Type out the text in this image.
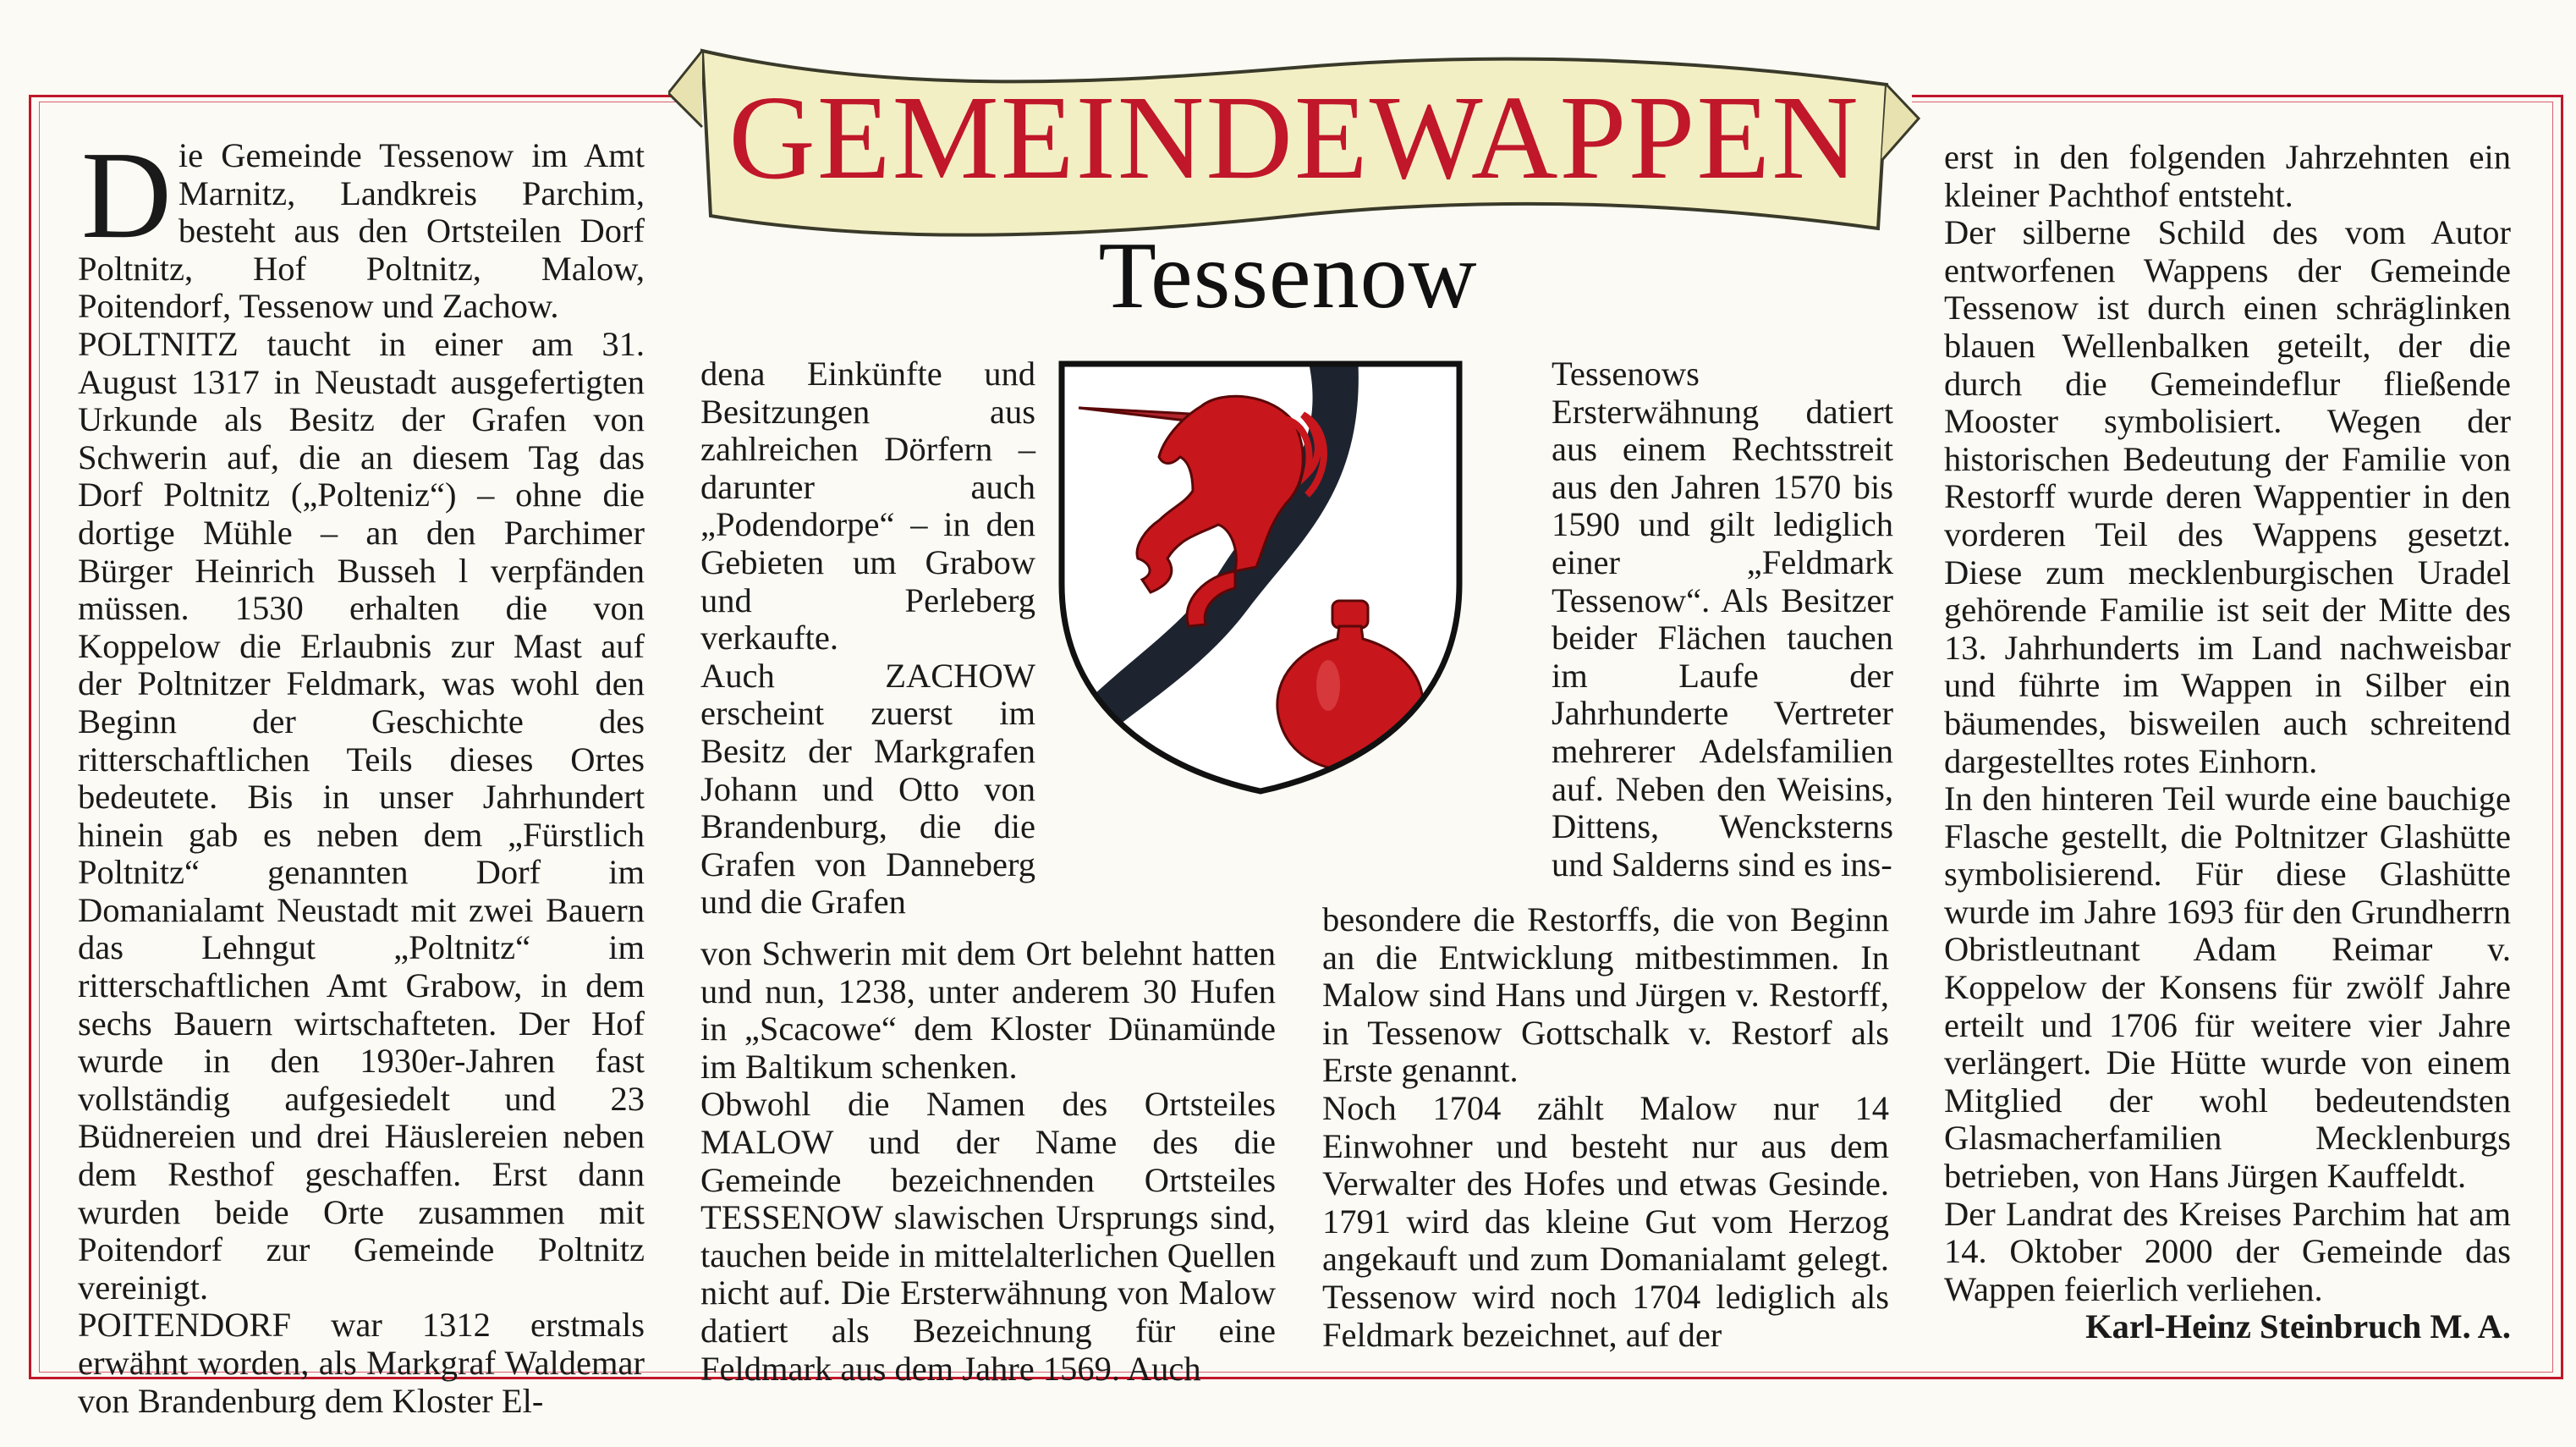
GEMEINDEWAPPEN
Tessenow

Die Gemeinde Tessenow im Amt Marnitz, Landkreis Parchim, besteht aus den Ortsteilen Dorf Poltnitz, Hof Poltnitz, Malow, Poitendorf, Tessenow und Zachow.

POLTNITZ taucht in einer am 31. August 1317 in Neustadt ausgefertigten Urkunde als Besitz der Grafen von Schwerin auf, die an diesem Tag das Dorf Poltnitz („Polteniz“) – ohne die dortige Mühle – an den Parchimer Bürger Heinrich Busseh l verpfänden müssen. 1530 erhalten die von Koppelow die Erlaubnis zur Mast auf der Poltnitzer Feldmark, was wohl den Beginn der Geschichte des ritterschaftlichen Teils dieses Ortes bedeutete. Bis in unser Jahrhundert hinein gab es neben dem „Fürstlich Poltnitz“ genannten Dorf im Domanialamt Neustadt mit zwei Bauern das Lehngut „Poltnitz“ im ritterschaftlichen Amt Grabow, in dem sechs Bauern wirtschafteten. Der Hof wurde in den 1930er-Jahren fast vollständig aufgesiedelt und 23 Büdnereien und drei Häuslereien neben dem Resthof geschaffen. Erst dann wurden beide Orte zusammen mit Poitendorf zur Gemeinde Poltnitz vereinigt.

POITENDORF war 1312 erstmals erwähnt worden, als Markgraf Waldemar von Brandenburg dem Kloster El-

dena Einkünfte und Besitzungen aus zahlreichen Dörfern – darunter auch „Podendorpe“ – in den Gebieten um Grabow und Perleberg verkaufte.

Auch ZACHOW erscheint zuerst im Besitz der Markgrafen Johann und Otto von Brandenburg, die die Grafen von Danneberg und die Grafen

Tessenows Ersterwähnung datiert aus einem Rechtsstreit aus den Jahren 1570 bis 1590 und gilt lediglich einer „Feldmark Tessenow“. Als Besitzer beider Flächen tauchen im Laufe der Jahrhunderte Vertreter mehrerer Adelsfamilien auf. Neben den Weisins, Dittens, Wencksterns und Salderns sind es ins-

von Schwerin mit dem Ort belehnt hatten und nun, 1238, unter anderem 30 Hufen in „Scacowe“ dem Kloster Dünamünde im Baltikum schenken.

Obwohl die Namen des Ortsteiles MALOW und der Name des die Gemeinde bezeichnenden Ortsteiles TESSENOW slawischen Ursprungs sind, tauchen beide in mittelalterlichen Quellen nicht auf. Die Ersterwähnung von Malow datiert als Bezeichnung für eine Feldmark aus dem Jahre 1569. Auch

besondere die Restorffs, die von Beginn an die Entwicklung mitbestimmen. In Malow sind Hans und Jürgen v. Restorff, in Tessenow Gottschalk v. Restorf als Erste genannt.

Noch 1704 zählt Malow nur 14 Einwohner und besteht nur aus dem Verwalter des Hofes und etwas Gesinde. 1791 wird das kleine Gut vom Herzog angekauft und zum Domanialamt gelegt. Tessenow wird noch 1704 lediglich als Feldmark bezeichnet, auf der

erst in den folgenden Jahrzehnten ein kleiner Pachthof entsteht.

Der silberne Schild des vom Autor entworfenen Wappens der Gemeinde Tessenow ist durch einen schräglinken blauen Wellenbalken geteilt, der die durch die Gemeindeflur fließende Mooster symbolisiert. Wegen der historischen Bedeutung der Familie von Restorff wurde deren Wappentier in den vorderen Teil des Wappens gesetzt. Diese zum mecklenburgischen Uradel gehörende Familie ist seit der Mitte des 13. Jahrhunderts im Land nachweisbar und führte im Wappen in Silber ein bäumendes, bisweilen auch schreitend dargestelltes rotes Einhorn.

In den hinteren Teil wurde eine bauchige Flasche gestellt, die Poltnitzer Glashütte symbolisierend. Für diese Glashütte wurde im Jahre 1693 für den Grundherrn Obristleutnant Adam Reimar v. Koppelow der Konsens für zwölf Jahre erteilt und 1706 für weitere vier Jahre verlängert. Die Hütte wurde von einem Mitglied der wohl bedeutendsten Glasmacherfamilien Mecklenburgs betrieben, von Hans Jürgen Kauffeldt.

Der Landrat des Kreises Parchim hat am 14. Oktober 2000 der Gemeinde das Wappen feierlich verliehen.

Karl-Heinz Steinbruch M. A.
